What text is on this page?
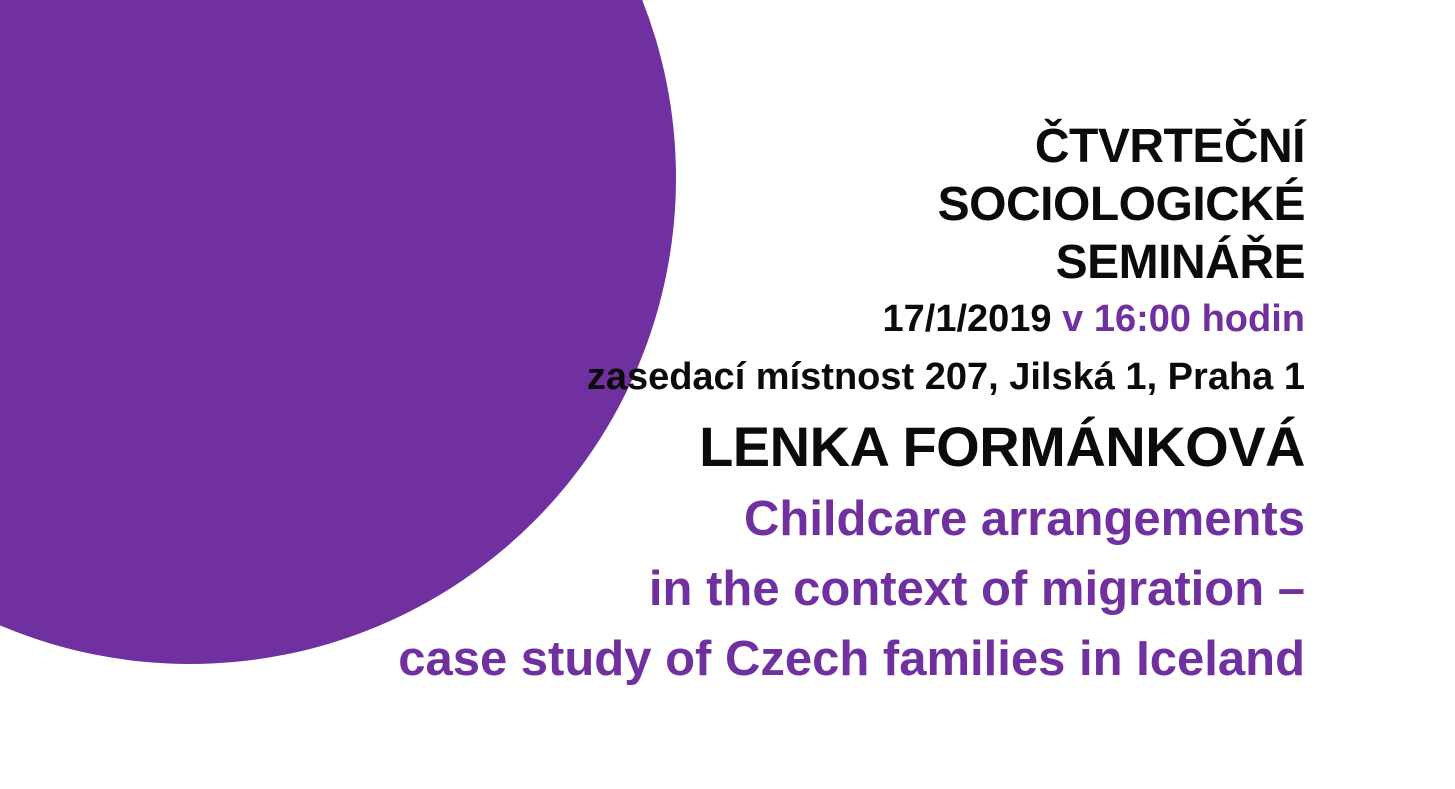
ČTVRTEČNÍ
SOCIOLOGICKÉ
SEMINÁŘE
17/1/2019 v 16:00 hodin
zasedací místnost 207, Jilská 1, Praha 1
LENKA FORMÁNKOVÁ
Childcare arrangements
in the context of migration –
case study of Czech families in Iceland
